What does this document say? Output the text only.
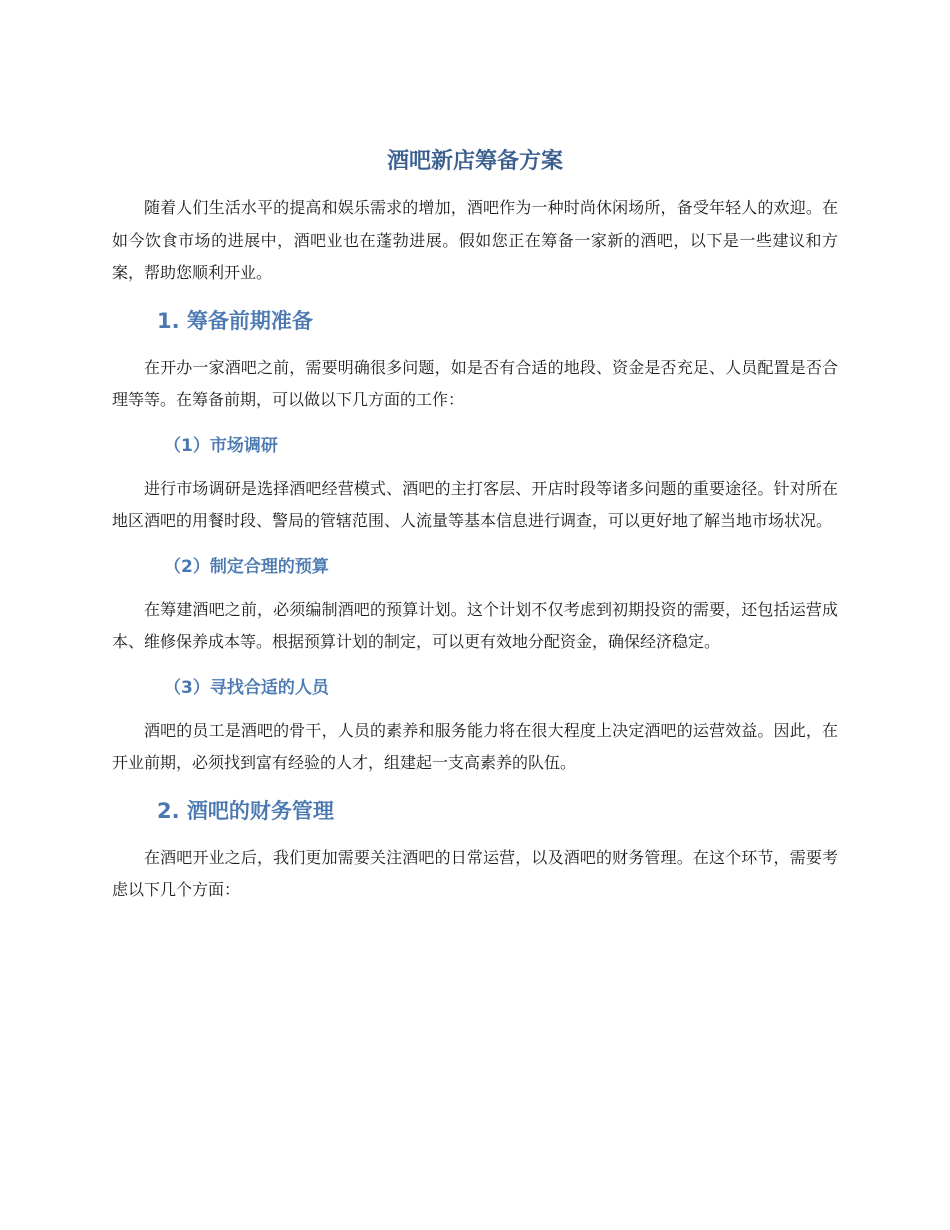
酒吧新店筹备方案

随着人们生活水平的提高和娱乐需求的增加，酒吧作为一种时尚休闲场所，备受年轻人的欢迎。在如今饮食市场的进展中，酒吧业也在蓬勃进展。假如您正在筹备一家新的酒吧，以下是一些建议和方案，帮助您顺利开业。

1. 筹备前期准备

在开办一家酒吧之前，需要明确很多问题，如是否有合适的地段、资金是否充足、人员配置是否合理等等。在筹备前期，可以做以下几方面的工作：

（1）市场调研

进行市场调研是选择酒吧经营模式、酒吧的主打客层、开店时段等诸多问题的重要途径。针对所在地区酒吧的用餐时段、警局的管辖范围、人流量等基本信息进行调查，可以更好地了解当地市场状况。

（2）制定合理的预算

在筹建酒吧之前，必须编制酒吧的预算计划。这个计划不仅考虑到初期投资的需要，还包括运营成本、维修保养成本等。根据预算计划的制定，可以更有效地分配资金，确保经济稳定。

（3）寻找合适的人员

酒吧的员工是酒吧的骨干，人员的素养和服务能力将在很大程度上决定酒吧的运营效益。因此，在开业前期，必须找到富有经验的人才，组建起一支高素养的队伍。

2. 酒吧的财务管理

在酒吧开业之后，我们更加需要关注酒吧的日常运营，以及酒吧的财务管理。在这个环节，需要考虑以下几个方面：
